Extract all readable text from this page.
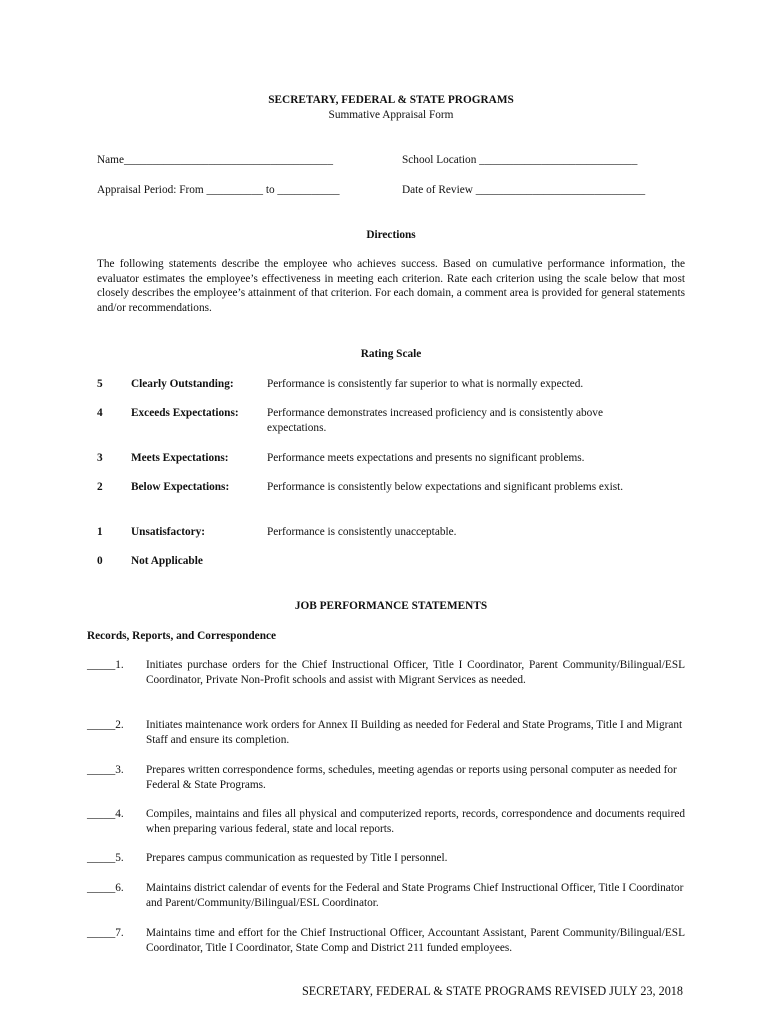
SECRETARY, FEDERAL & STATE PROGRAMS
Summative Appraisal Form
Name_____________________________________	School Location ____________________________
Appraisal Period: From __________ to ___________	Date of Review ______________________________
Directions
The following statements describe the employee who achieves success. Based on cumulative performance information, the evaluator estimates the employee’s effectiveness in meeting each criterion. Rate each criterion using the scale below that most closely describes the employee’s attainment of that criterion. For each domain, a comment area is provided for general statements and/or recommendations.
Rating Scale
5	Clearly Outstanding:	Performance is consistently far superior to what is normally expected.
4	Exceeds Expectations:	Performance demonstrates increased proficiency and is consistently above expectations.
3	Meets Expectations:	Performance meets expectations and presents no significant problems.
2	Below Expectations:	Performance is consistently below expectations and significant problems exist.
1	Unsatisfactory:	Performance is consistently unacceptable.
0	Not Applicable
JOB PERFORMANCE STATEMENTS
Records, Reports, and Correspondence
_____1. Initiates purchase orders for the Chief Instructional Officer, Title I Coordinator, Parent Community/Bilingual/ESL Coordinator, Private Non-Profit schools and assist with Migrant Services as needed.
_____2. Initiates maintenance work orders for Annex II Building as needed for Federal and State Programs, Title I and Migrant Staff and ensure its completion.
_____3. Prepares written correspondence forms, schedules, meeting agendas or reports using personal computer as needed for Federal & State Programs.
_____4. Compiles, maintains and files all physical and computerized reports, records, correspondence and documents required when preparing various federal, state and local reports.
_____5. Prepares campus communication as requested by Title I personnel.
_____6. Maintains district calendar of events for the Federal and State Programs Chief Instructional Officer, Title I Coordinator and Parent/Community/Bilingual/ESL Coordinator.
_____7. Maintains time and effort for the Chief Instructional Officer, Accountant Assistant, Parent Community/Bilingual/ESL Coordinator, Title I Coordinator, State Comp and District 211 funded employees.
SECRETARY, FEDERAL & STATE PROGRAMS REVISED JULY 23, 2018
